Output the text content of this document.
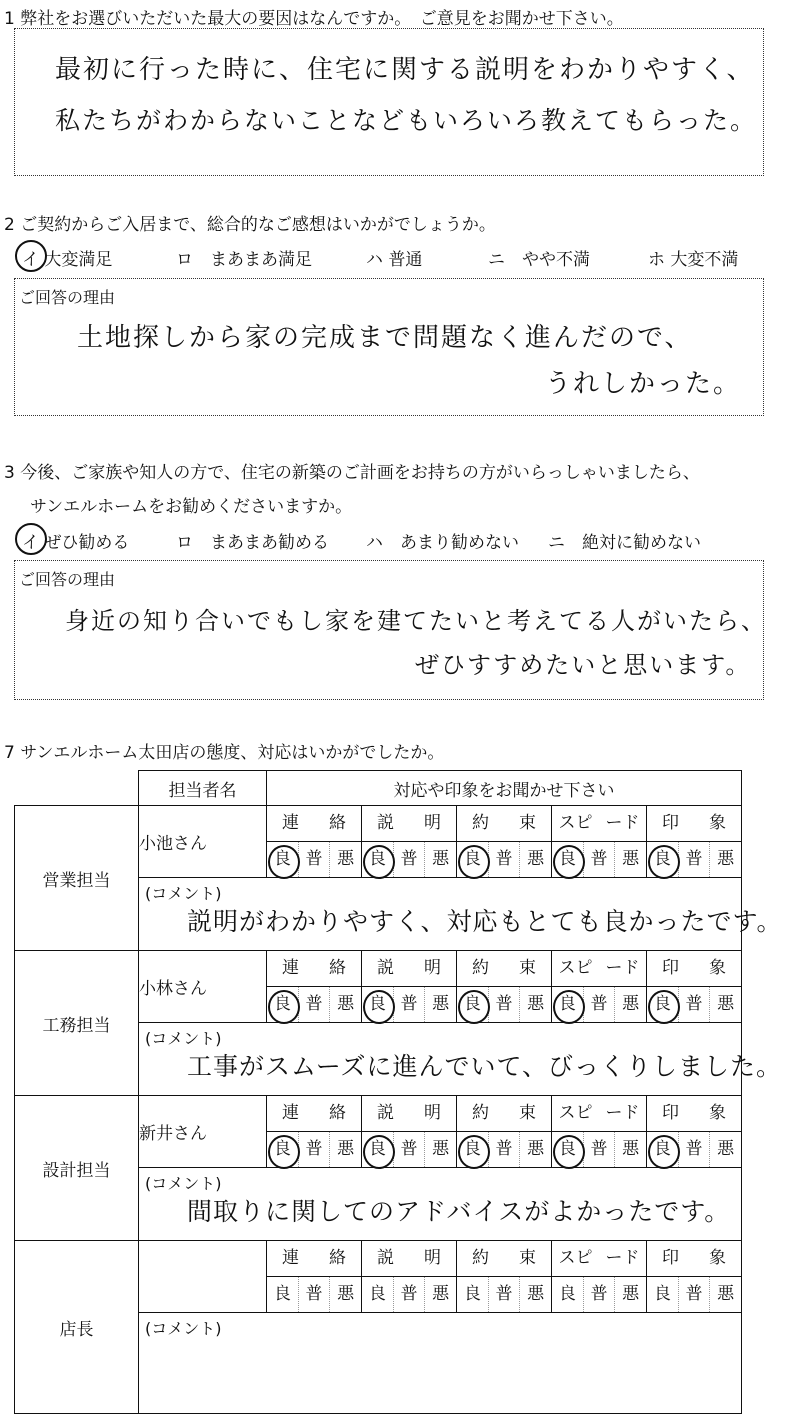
1 弊社をお選びいただいた最大の要因はなんですか。　ご意見をお聞かせ下さい。
最初に行った時に、住宅に関する説明をわかりやすく、
私たちがわからないことなどもいろいろ教えてもらった。
2 ご契約からご入居まで、総合的なご感想はいかがでしょうか。
イ 大変満足	ロ　まあまあ満足	ハ 普通	ニ　やや不満	ホ 大変不満
ご回答の理由
土地探しから家の完成まで問題なく進んだので、
うれしかった。
3 今後、ご家族や知人の方で、住宅の新築のご計画をお持ちの方がいらっしゃいましたら、
サンエルホームをお勧めくださいますか。
イ ぜひ勧める	ロ　まあまあ勧める ハ　あまり勧めない ニ　絶対に勧めない
ご回答の理由
身近の知り合いでもし家を建てたいと考えてる人がいたら、
ぜひすすめたいと思います。
7 サンエルホーム太田店の態度、対応はいかがでしたか。
	担当者名	対応や印象をお聞かせ下さい				
営業担当	小池さん	連 絡	説 明	約 束	スピ ード	印 象

		良 普 悪	良 普 悪	良 普 悪	良 普 悪	良 普 悪

	(コメント)
説明がわかりやすく、対応もとても良かったです。					

工務担当	小林さん	連 絡	説 明	約 束	スピ ード	印 象

		良 普 悪	良 普 悪	良 普 悪	良 普 悪	良 普 悪

	(コメント)
工事がスムーズに進んでいて、びっくりしました。					

設計担当	新井さん	連 絡	説 明	約 束	スピ ード	印 象

		良 普 悪	良 普 悪	良 普 悪	良 普 悪	良 普 悪

	(コメント)
間取りに関してのアドバイスがよかったです。					

店長		連 絡	説 明	約 束	スピ ード	印 象

		良 普 悪	良 普 悪	良 普 悪	良 普 悪	良 普 悪

	(コメント)					
